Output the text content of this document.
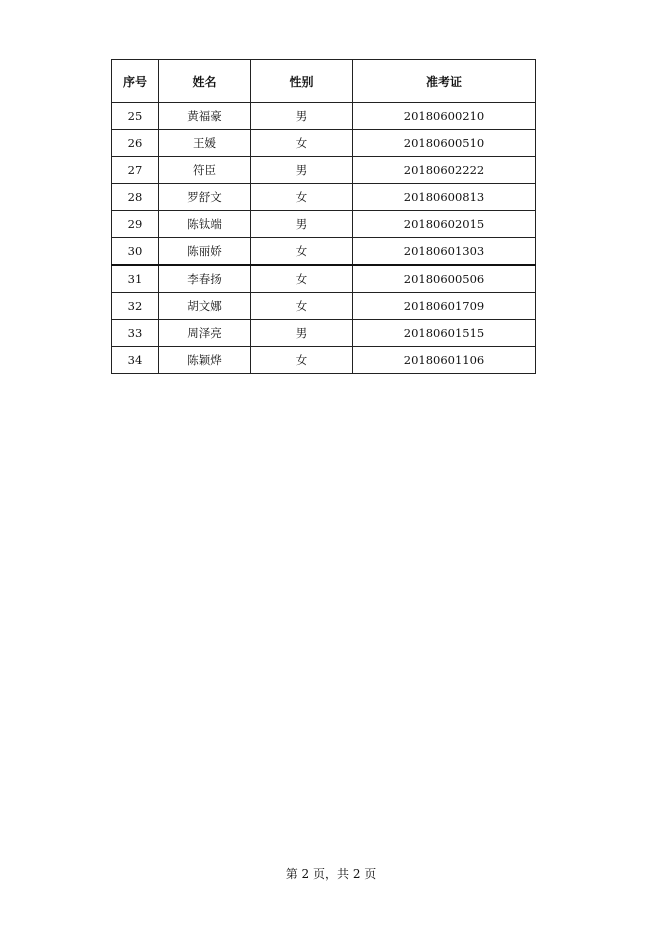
序号	姓名	性别	准考证
25	黄福豪	男	20180600210
26	王媛	女	20180600510
27	符臣	男	20180602222
28	罗舒文	女	20180600813
29	陈钛端	男	20180602015
30	陈丽娇	女	20180601303
31	李春扬	女	20180600506
32	胡文娜	女	20180601709
33	周泽亮	男	20180601515
34	陈颖烨	女	20180601106
第 2 页，共 2 页
